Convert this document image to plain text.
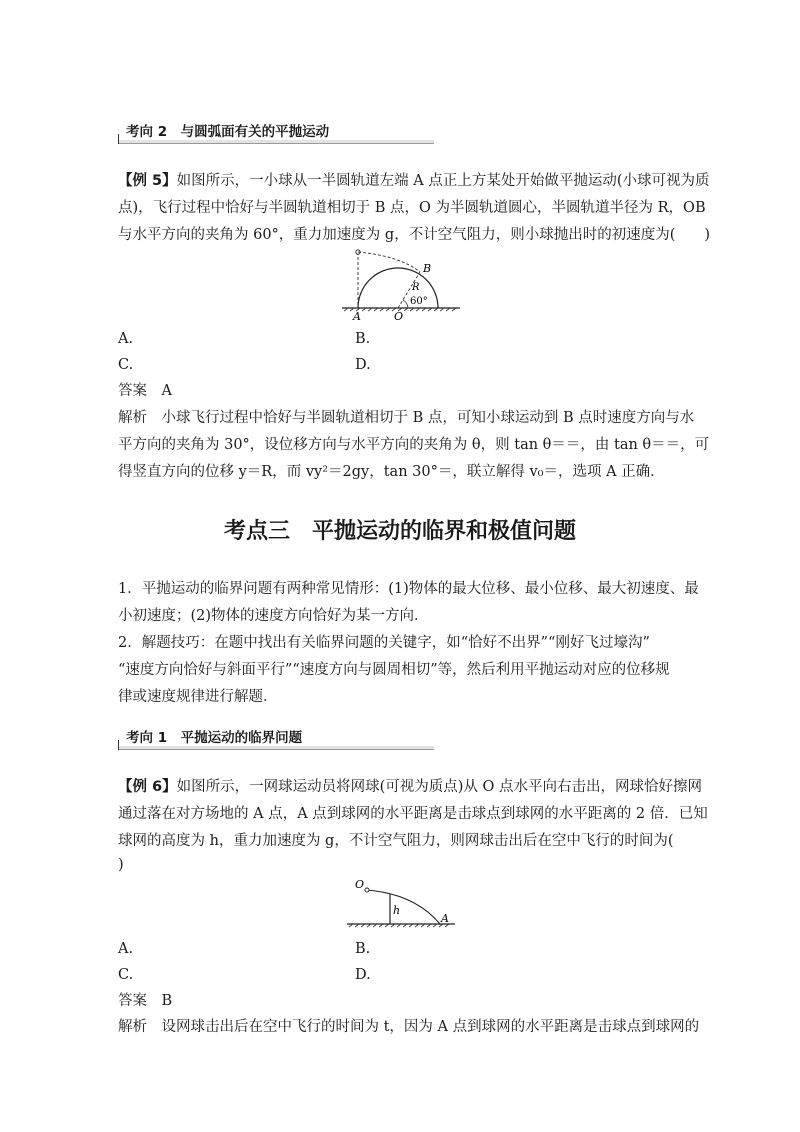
考向 2　与圆弧面有关的平抛运动
【例 5】如图所示，一小球从一半圆轨道左端 A 点正上方某处开始做平抛运动(小球可视为质
点)，飞行过程中恰好与半圆轨道相切于 B 点，O 为半圆轨道圆心，半圆轨道半径为 R，OB
与水平方向的夹角为 60°，重力加速度为 g，不计空气阻力，则小球抛出时的初速度为(　　)
B
R
60°
A	O
A.	B.
C.	D.
答案　 A
解析　 小球飞行过程中恰好与半圆轨道相切于 B 点，可知小球运动到 B 点时速度方向与水
平方向的夹角为 30°，设位移方向与水平方向的夹角为 θ，则 tan θ＝＝，由 tan θ＝＝，可
得竖直方向的位移 y＝R，而 vy²＝2gy，tan 30°＝，联立解得 v₀＝，选项 A 正确．
考点三　平抛运动的临界和极值问题
1．平抛运动的临界问题有两种常见情形：(1)物体的最大位移、最小位移、最大初速度、最
小初速度；(2)物体的速度方向恰好为某一方向．
2．解题技巧：在题中找出有关临界问题的关键字，如“恰好不出界”“刚好飞过壕沟”
“速度方向恰好与斜面平行”“速度方向与圆周相切”等，然后利用平抛运动对应的位移规
律或速度规律进行解题．
考向 1　平抛运动的临界问题
【例 6】如图所示，一网球运动员将网球(可视为质点)从 O 点水平向右击出，网球恰好擦网
通过落在对方场地的 A 点，A 点到球网的水平距离是击球点到球网的水平距离的 2 倍．已知
球网的高度为 h，重力加速度为 g，不计空气阻力，则网球击出后在空中飞行的时间为(
)
O
h
A
A.	B.
C.	D.
答案　 B
解析　 设网球击出后在空中飞行的时间为 t，因为 A 点到球网的水平距离是击球点到球网的
